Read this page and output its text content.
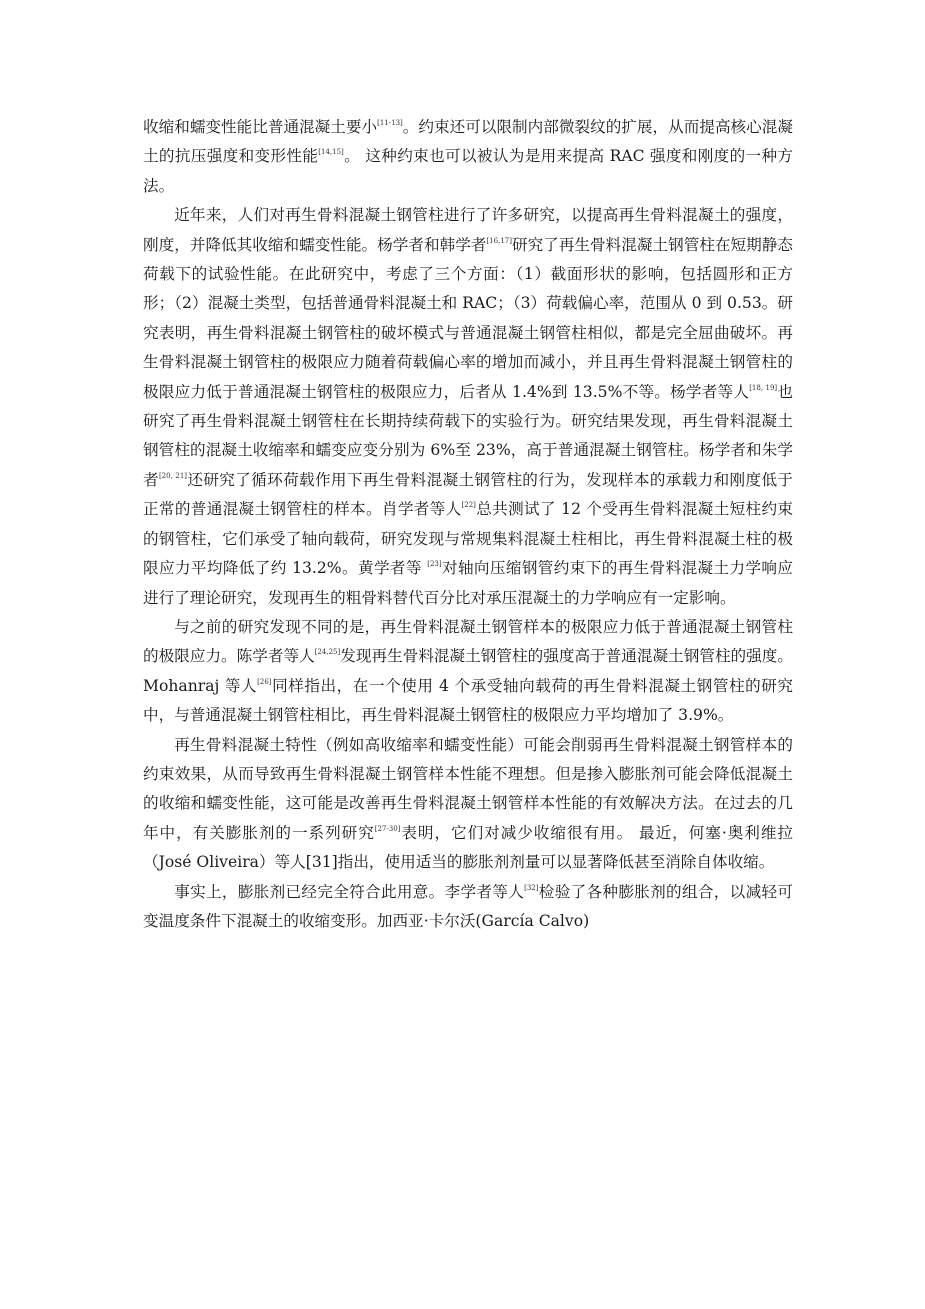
收缩和蠕变性能比普通混凝土要小[11-13]。约束还可以限制内部微裂纹的扩展，从而提高核心混凝土的抗压强度和变形性能[14,15]。 这种约束也可以被认为是用来提高 RAC 强度和刚度的一种方法。

近年来，人们对再生骨料混凝土钢管柱进行了许多研究，以提高再生骨料混凝土的强度，刚度，并降低其收缩和蠕变性能。杨学者和韩学者[16,17]研究了再生骨料混凝土钢管柱在短期静态荷载下的试验性能。在此研究中，考虑了三个方面：（1）截面形状的影响，包括圆形和正方形；（2）混凝土类型，包括普通骨料混凝土和 RAC；（3）荷载偏心率，范围从 0 到 0.53。研究表明，再生骨料混凝土钢管柱的破坏模式与普通混凝土钢管柱相似，都是完全屈曲破坏。再生骨料混凝土钢管柱的极限应力随着荷载偏心率的增加而减小，并且再生骨料混凝土钢管柱的极限应力低于普通混凝土钢管柱的极限应力，后者从 1.4%到 13.5%不等。杨学者等人[18, 19]也研究了再生骨料混凝土钢管柱在长期持续荷载下的实验行为。研究结果发现，再生骨料混凝土钢管柱的混凝土收缩率和蠕变应变分别为 6%至 23%，高于普通混凝土钢管柱。杨学者和朱学者[20, 21]还研究了循环荷载作用下再生骨料混凝土钢管柱的行为，发现样本的承载力和刚度低于正常的普通混凝土钢管柱的样本。肖学者等人[22]总共测试了 12 个受再生骨料混凝土短柱约束的钢管柱，它们承受了轴向载荷，研究发现与常规集料混凝土柱相比，再生骨料混凝土柱的极限应力平均降低了约 13.2%。黄学者等 [23]对轴向压缩钢管约束下的再生骨料混凝土力学响应进行了理论研究，发现再生的粗骨料替代百分比对承压混凝土的力学响应有一定影响。

与之前的研究发现不同的是，再生骨料混凝土钢管样本的极限应力低于普通混凝土钢管柱的极限应力。陈学者等人[24,25]发现再生骨料混凝土钢管柱的强度高于普通混凝土钢管柱的强度。 Mohanraj 等人[26]同样指出，在一个使用 4 个承受轴向载荷的再生骨料混凝土钢管柱的研究中，与普通混凝土钢管柱相比，再生骨料混凝土钢管柱的极限应力平均增加了 3.9%。

再生骨料混凝土特性（例如高收缩率和蠕变性能）可能会削弱再生骨料混凝土钢管样本的约束效果，从而导致再生骨料混凝土钢管样本性能不理想。但是掺入膨胀剂可能会降低混凝土的收缩和蠕变性能，这可能是改善再生骨料混凝土钢管样本性能的有效解决方法。在过去的几年中，有关膨胀剂的一系列研究[27-30]表明，它们对减少收缩很有用。 最近，何塞·奥利维拉（José Oliveira）等人[31]指出，使用适当的膨胀剂剂量可以显著降低甚至消除自体收缩。

事实上，膨胀剂已经完全符合此用意。李学者等人[32]检验了各种膨胀剂的组合，以减轻可变温度条件下混凝土的收缩变形。加西亚·卡尔沃(García Calvo)
